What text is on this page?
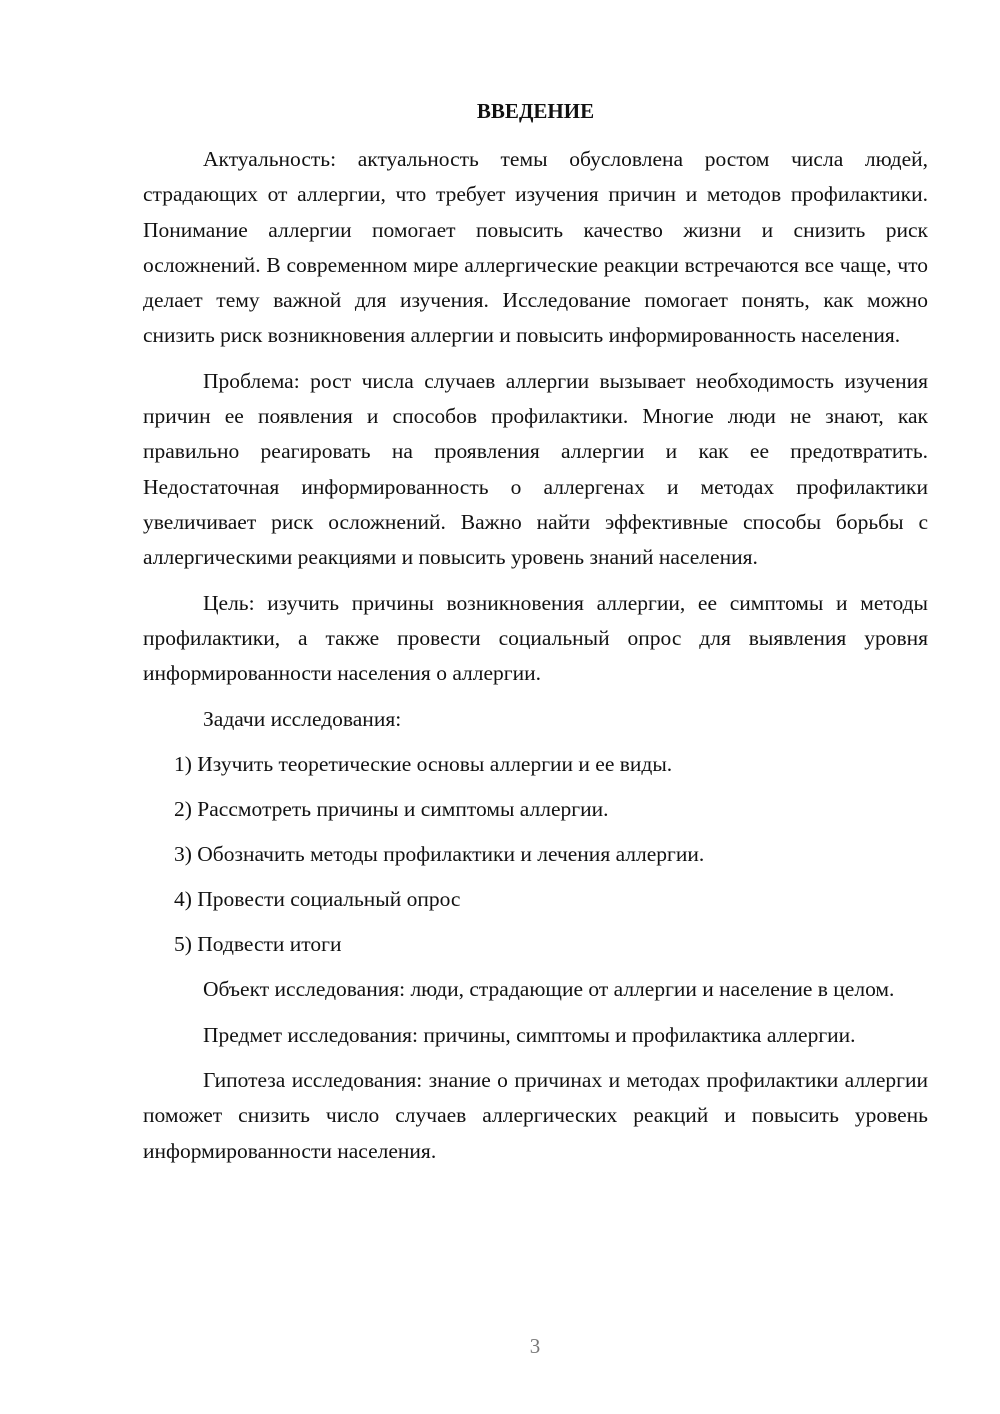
ВВЕДЕНИЕ

Актуальность: актуальность темы обусловлена ростом числа людей, страдающих от аллергии, что требует изучения причин и методов профилактики. Понимание аллергии помогает повысить качество жизни и снизить риск осложнений. В современном мире аллергические реакции встречаются все чаще, что делает тему важной для изучения. Исследование помогает понять, как можно снизить риск возникновения аллергии и повысить информированность населения.

Проблема: рост числа случаев аллергии вызывает необходимость изучения причин ее появления и способов профилактики. Многие люди не знают, как правильно реагировать на проявления аллергии и как ее предотвратить. Недостаточная информированность о аллергенах и методах профилактики увеличивает риск осложнений. Важно найти эффективные способы борьбы с аллергическими реакциями и повысить уровень знаний населения.

Цель: изучить причины возникновения аллергии, ее симптомы и методы профилактики, а также провести социальный опрос для выявления уровня информированности населения о аллергии.

Задачи исследования:
1) Изучить теоретические основы аллергии и ее виды.
2) Рассмотреть причины и симптомы аллергии.
3) Обозначить методы профилактики и лечения аллергии.
4) Провести социальный опрос
5) Подвести итоги

Объект исследования: люди, страдающие от аллергии и население в целом.

Предмет исследования: причины, симптомы и профилактика аллергии.

Гипотеза исследования: знание о причинах и методах профилактики аллергии поможет снизить число случаев аллергических реакций и повысить уровень информированности населения.

3
